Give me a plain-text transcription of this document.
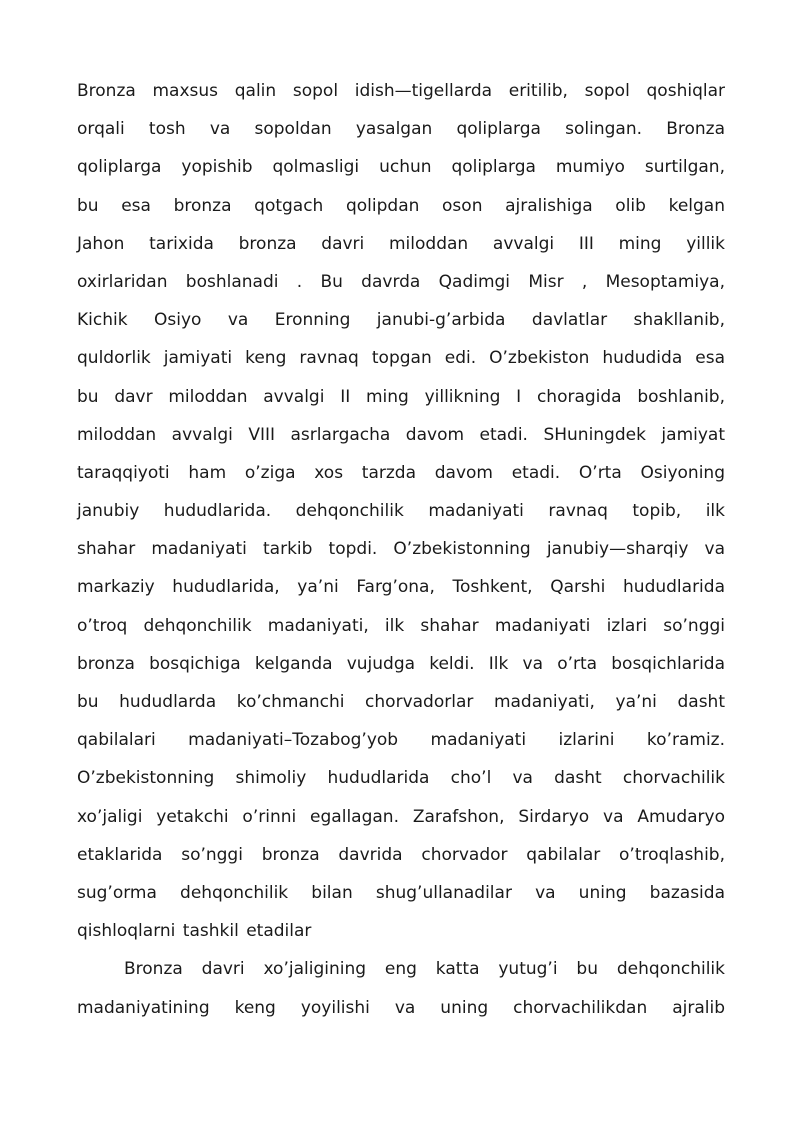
Bronza maxsus qalin sopol idish—tigellarda eritilib, sopol qoshiqlar
orqali tosh va sopoldan yasalgan qoliplarga solingan. Bronza
qoliplarga yopishib qolmasligi uchun qoliplarga mumiyo surtilgan,
bu esa bronza qotgach qolipdan oson ajralishiga olib kelgan
Jahon tarixida bronza davri miloddan avvalgi III ming yillik
oxirlaridan boshlanadi . Bu davrda Qadimgi Misr , Mesoptamiya,
Kichik Osiyo va Eronning janubi-g’arbida davlatlar shakllanib,
quldorlik jamiyati keng ravnaq topgan edi. O’zbekiston hududida esa
bu davr miloddan avvalgi II ming yillikning I choragida boshlanib,
miloddan avvalgi VIII asrlargacha davom etadi. SHuningdek jamiyat
taraqqiyoti ham o’ziga xos tarzda davom etadi. O’rta Osiyoning
janubiy hududlarida. dehqonchilik madaniyati ravnaq topib, ilk
shahar madaniyati tarkib topdi. O’zbekistonning janubiy—sharqiy va
markaziy hududlarida, ya’ni Farg’ona, Toshkent, Qarshi hududlarida
o’troq dehqonchilik madaniyati, ilk shahar madaniyati izlari so’nggi
bronza bosqichiga kelganda vujudga keldi. Ilk va o’rta bosqichlarida
bu hududlarda ko’chmanchi chorvadorlar madaniyati, ya’ni dasht
qabilalari madaniyati–Tozabog’yob madaniyati izlarini ko’ramiz.
O’zbekistonning shimoliy hududlarida cho’l va dasht chorvachilik
xo’jaligi yetakchi o’rinni egallagan. Zarafshon, Sirdaryo va Amudaryo
etaklarida so’nggi bronza davrida chorvador qabilalar o’troqlashib,
sug’orma dehqonchilik bilan shug’ullanadilar va uning bazasida
qishloqlarni tashkil etadilar
Bronza davri xo’jaligining eng katta yutug’i bu dehqonchilik
madaniyatining keng yoyilishi va uning chorvachilikdan ajralib
